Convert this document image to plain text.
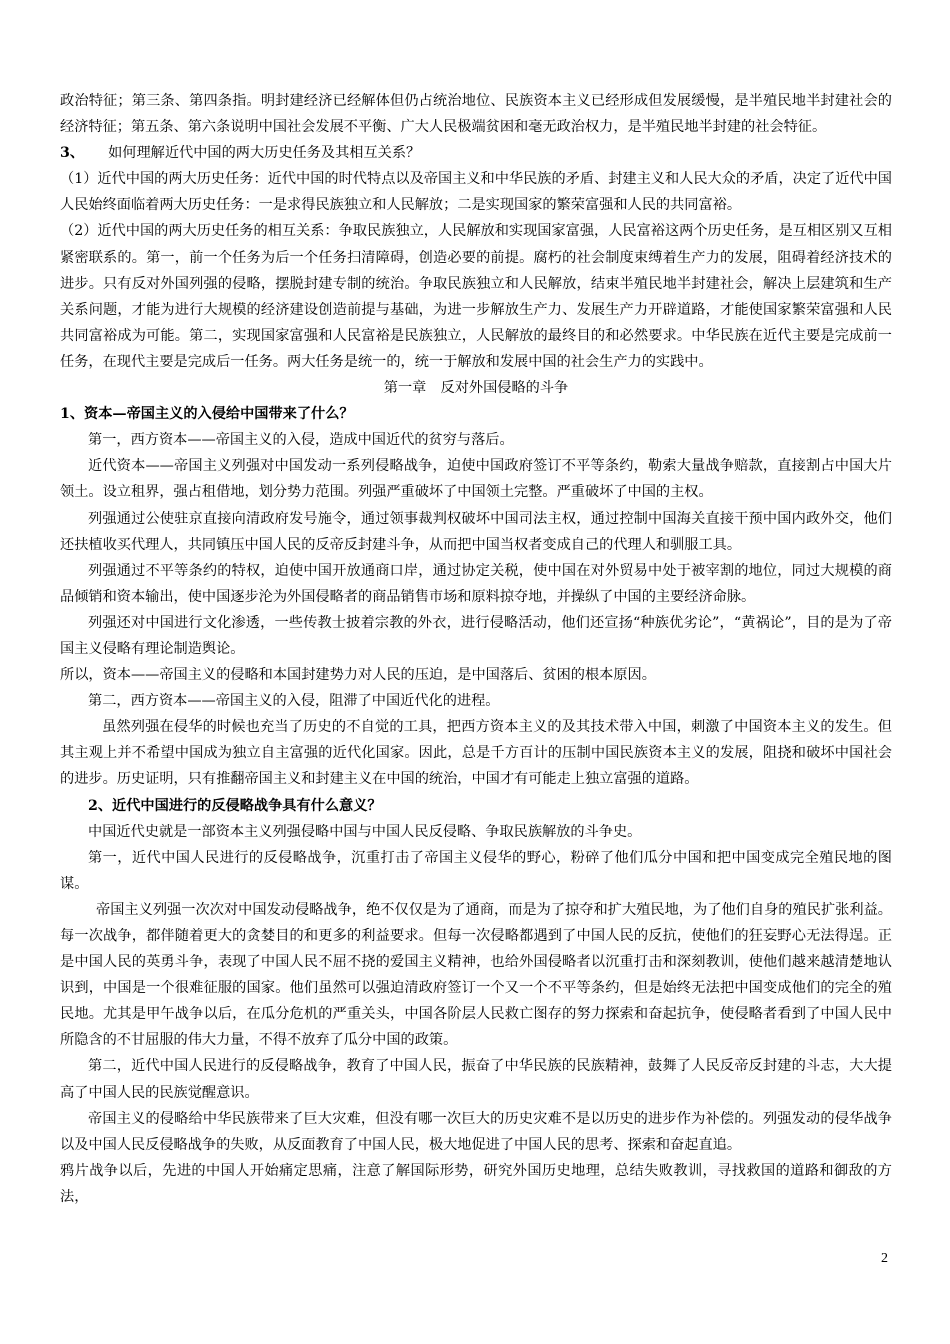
政治特征；第三条、第四条指。明封建经济已经解体但仍占统治地位、民族资本主义已经形成但发展缓慢，是半殖民地半封建社会的经济特征；第五条、第六条说明中国社会发展不平衡、广大人民极端贫困和毫无政治权力，是半殖民地半封建的社会特征。

3、 如何理解近代中国的两大历史任务及其相互关系？

（1）近代中国的两大历史任务：近代中国的时代特点以及帝国主义和中华民族的矛盾、封建主义和人民大众的矛盾，决定了近代中国人民始终面临着两大历史任务：一是求得民族独立和人民解放；二是实现国家的繁荣富强和人民的共同富裕。

（2）近代中国的两大历史任务的相互关系：争取民族独立，人民解放和实现国家富强，人民富裕这两个历史任务，是互相区别又互相紧密联系的。第一，前一个任务为后一个任务扫清障碍，创造必要的前提。腐朽的社会制度束缚着生产力的发展，阻碍着经济技术的进步。只有反对外国列强的侵略，摆脱封建专制的统治。争取民族独立和人民解放，结束半殖民地半封建社会，解决上层建筑和生产关系问题，才能为进行大规模的经济建设创造前提与基础，为进一步解放生产力、发展生产力开辟道路，才能使国家繁荣富强和人民共同富裕成为可能。第二，实现国家富强和人民富裕是民族独立，人民解放的最终目的和必然要求。中华民族在近代主要是完成前一任务，在现代主要是完成后一任务。两大任务是统一的，统一于解放和发展中国的社会生产力的实践中。

第一章　反对外国侵略的斗争

1、资本—帝国主义的入侵给中国带来了什么？

第一，西方资本——帝国主义的入侵，造成中国近代的贫穷与落后。

近代资本——帝国主义列强对中国发动一系列侵略战争，迫使中国政府签订不平等条约，勒索大量战争赔款，直接割占中国大片领土。设立租界，强占租借地，划分势力范围。列强严重破坏了中国领土完整。严重破坏了中国的主权。

列强通过公使驻京直接向清政府发号施令，通过领事裁判权破坏中国司法主权，通过控制中国海关直接干预中国内政外交，他们还扶植收买代理人，共同镇压中国人民的反帝反封建斗争，从而把中国当权者变成自己的代理人和驯服工具。

列强通过不平等条约的特权，迫使中国开放通商口岸，通过协定关税，使中国在对外贸易中处于被宰割的地位，同过大规模的商品倾销和资本输出，使中国逐步沦为外国侵略者的商品销售市场和原料掠夺地，并操纵了中国的主要经济命脉。

列强还对中国进行文化渗透，一些传教士披着宗教的外衣，进行侵略活动，他们还宣扬“种族优劣论”，“黄祸论”，目的是为了帝国主义侵略有理论制造舆论。

所以，资本——帝国主义的侵略和本国封建势力对人民的压迫，是中国落后、贫困的根本原因。

第二，西方资本——帝国主义的入侵，阻滞了中国近代化的进程。

虽然列强在侵华的时候也充当了历史的不自觉的工具，把西方资本主义的及其技术带入中国，刺激了中国资本主义的发生。但其主观上并不希望中国成为独立自主富强的近代化国家。因此，总是千方百计的压制中国民族资本主义的发展，阻挠和破坏中国社会的进步。历史证明，只有推翻帝国主义和封建主义在中国的统治，中国才有可能走上独立富强的道路。

2、近代中国进行的反侵略战争具有什么意义？

中国近代史就是一部资本主义列强侵略中国与中国人民反侵略、争取民族解放的斗争史。

第一，近代中国人民进行的反侵略战争，沉重打击了帝国主义侵华的野心，粉碎了他们瓜分中国和把中国变成完全殖民地的图谋。

帝国主义列强一次次对中国发动侵略战争，绝不仅仅是为了通商，而是为了掠夺和扩大殖民地，为了他们自身的殖民扩张利益。每一次战争，都伴随着更大的贪婪目的和更多的利益要求。但每一次侵略都遇到了中国人民的反抗，使他们的狂妄野心无法得逞。正是中国人民的英勇斗争，表现了中国人民不屈不挠的爱国主义精神，也给外国侵略者以沉重打击和深刻教训，使他们越来越清楚地认识到，中国是一个很难征服的国家。他们虽然可以强迫清政府签订一个又一个不平等条约，但是始终无法把中国变成他们的完全的殖民地。尤其是甲午战争以后，在瓜分危机的严重关头，中国各阶层人民救亡图存的努力探索和奋起抗争，使侵略者看到了中国人民中所隐含的不甘屈服的伟大力量，不得不放弃了瓜分中国的政策。

第二，近代中国人民进行的反侵略战争，教育了中国人民，振奋了中华民族的民族精神，鼓舞了人民反帝反封建的斗志，大大提高了中国人民的民族觉醒意识。

帝国主义的侵略给中华民族带来了巨大灾难，但没有哪一次巨大的历史灾难不是以历史的进步作为补偿的。列强发动的侵华战争以及中国人民反侵略战争的失败，从反面教育了中国人民，极大地促进了中国人民的思考、探索和奋起直追。

鸦片战争以后，先进的中国人开始痛定思痛，注意了解国际形势，研究外国历史地理，总结失败教训，寻找救国的道路和御敌的方法，

2
